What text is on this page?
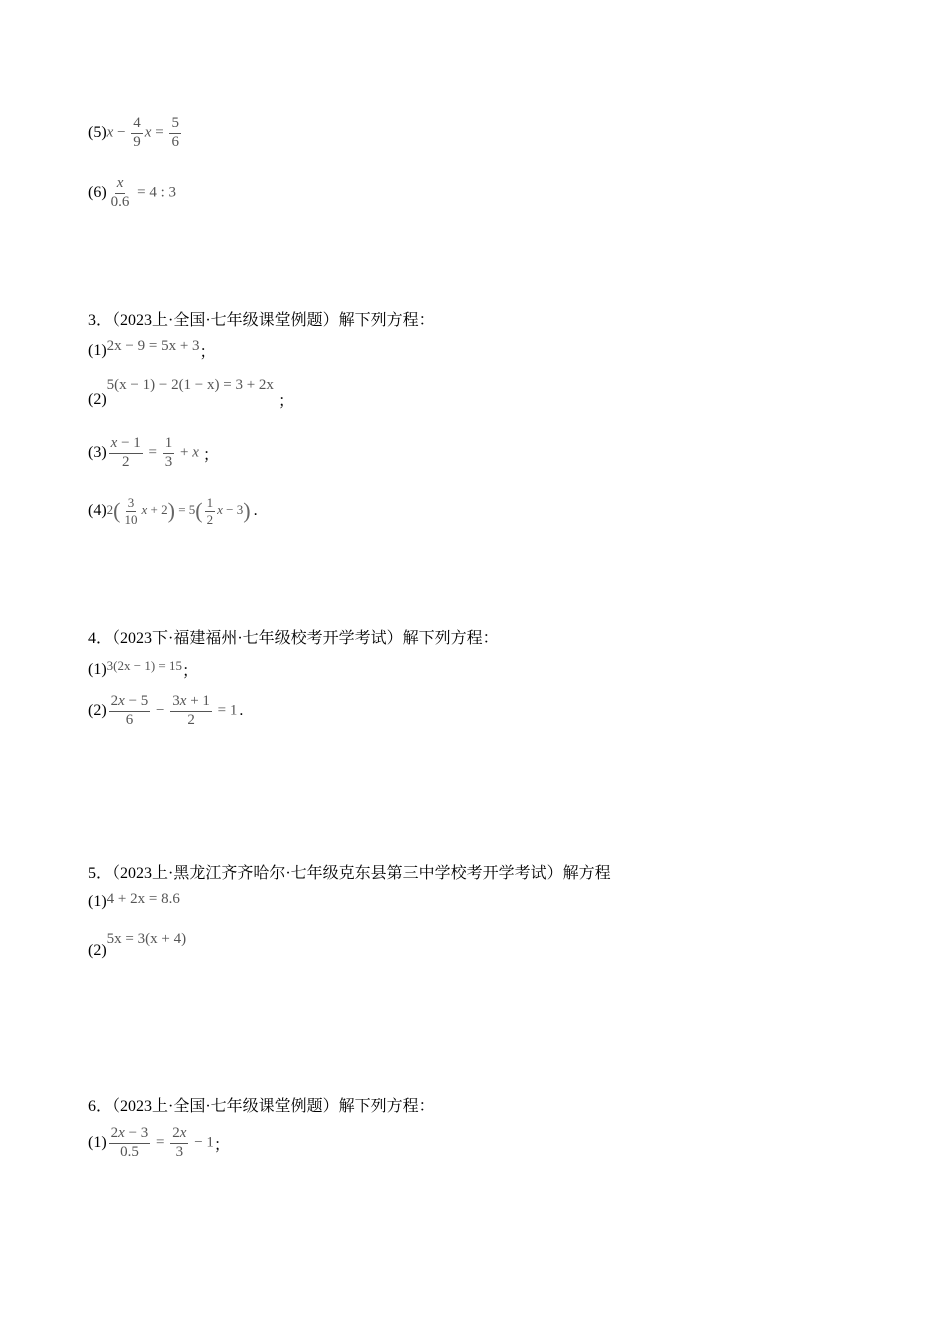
(5) $x - \frac{4}{9}$ $x = \frac{5}{6}$
$(6) \frac{x}{0.6} = 4$ : 3
3．（2023上·全国·七年级课堂例题）解下列方程：
(1) 2x − 9 = 5x + 3 ；
(2)
5(x − 1) − 2(1 − x) = 3 + 2x
；
$(3) \frac{x - 1}{2} = \frac{1}{3} + x$ ；
(4) $2( \frac{3}{10}$ $x + 2) = 5( \frac{1}{2}$ x − 3) .
4．（2023下·福建福州·七年级校考开学考试）解下列方程：
(1) 3(2x − 1) = 15 ；
$(2) \frac{2x - 5}{6} - \frac{3x + 1}{2} = 1$ .
5．（2023上·黑龙江齐齐哈尔·七年级克东县第三中学校考开学考试）解方程
(1) 4 + 2x = 8.6
(2)
5x = 3(x + 4)
6．（2023上·全国·七年级课堂例题）解下列方程：
$(1) \frac{2x - 3}{0.5} = \frac{2x}{3} - 1$ ；
